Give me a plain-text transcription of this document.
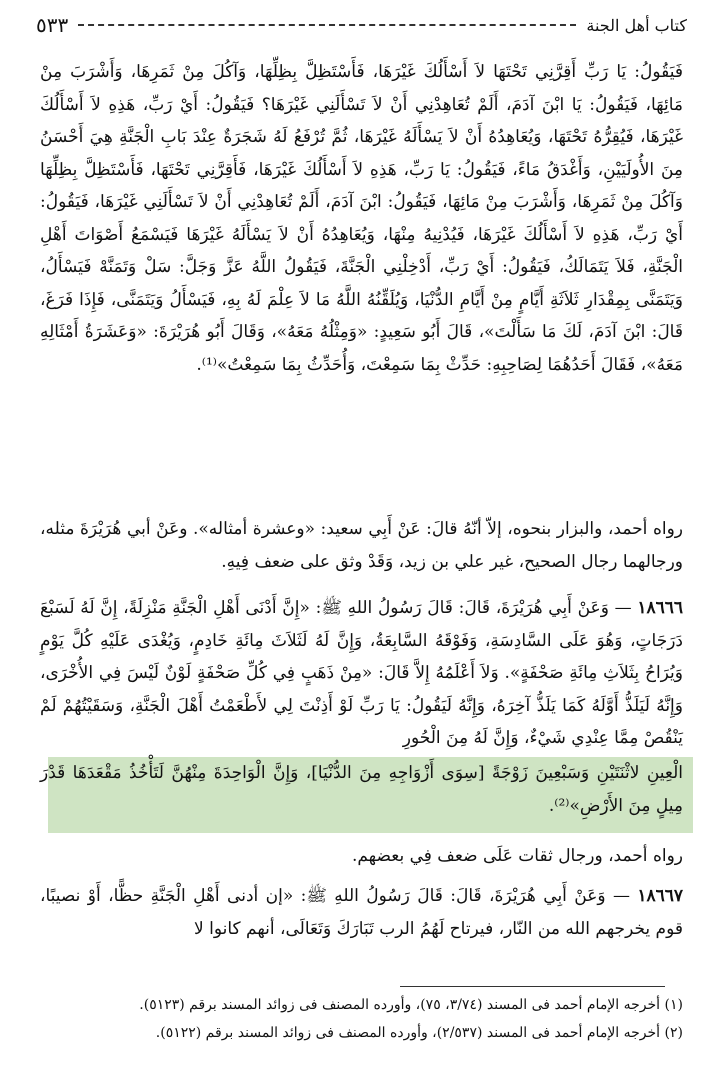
كتاب أهل الجنة
٥٣٣
فَيَقُولُ: يَا رَبِّ أَقِرَّنِي تَحْتَهَا لاَ أَسْأَلُكَ غَيْرَهَا، فَأَسْتَظِلَّ بِظِلِّهَا، وَآكُلَ مِنْ ثَمَرِهَا، وَأَشْرَبَ مِنْ مَائِهَا، فَيَقُولُ: يَا ابْنَ آدَمَ، أَلَمْ تُعَاهِدْنِي أَنْ لاَ تَسْأَلَنِي غَيْرَهَا؟ فَيَقُولُ: أَيْ رَبِّ، هَذِهِ لاَ أَسْأَلُكَ غَيْرَهَا، فَيُقِرُّهُ تَحْتَهَا، وَيُعَاهِدُهُ أَنْ لاَ يَسْأَلَهُ غَيْرَهَا، ثُمَّ تُرْفَعُ لَهُ شَجَرَةٌ عِنْدَ بَابِ الْجَنَّةِ هِيَ أَحْسَنُ مِنَ الأُولَيَيْنِ، وَأَغْدَقُ مَاءً، فَيَقُولُ: يَا رَبِّ، هَذِهِ لاَ أَسْأَلُكَ غَيْرَهَا، فَأَقِرَّنِي تَحْتَهَا، فَأَسْتَظِلَّ بِظِلِّهَا وَآكُلَ مِنْ ثَمَرِهَا، وَأَشْرَبَ مِنْ مَائِهَا، فَيَقُولُ: ابْنَ آدَمَ، أَلَمْ تُعَاهِدْنِي أَنْ لاَ تَسْأَلَنِي غَيْرَهَا، فَيَقُولُ: أَيْ رَبِّ، هَذِهِ لاَ أَسْأَلُكَ غَيْرَهَا، فَيُدْنِيهُ مِنْهَا، وَيُعَاهِدُهُ أَنْ لاَ يَسْأَلَهُ غَيْرَهَا فَيَسْمَعُ أَصْوَاتَ أَهْلِ الْجَنَّةِ، فَلاَ يَتَمَالَكُ، فَيَقُولُ: أَيْ رَبِّ، أَدْخِلْنِي الْجَنَّةَ، فَيَقُولُ اللَّهُ عَزَّ وَجَلَّ: سَلْ وَتَمَنَّهْ فَيَسْأَلُ، وَيَتَمَنَّى بِمِقْدَارِ ثَلاَثَةِ أَيَّامٍ مِنْ أَيَّامِ الدُّنْيَا، وَيُلَقِّنُهُ اللَّهُ مَا لاَ عِلْمَ لَهُ بِهِ، فَيَسْأَلُ وَيَتَمَنَّى، فَإِذَا فَرَغَ، قَالَ: ابْنَ آدَمَ، لَكَ مَا سَأَلْتَ»، قَالَ أَبُو سَعِيدٍ: «وَمِثْلُهُ مَعَهُ»، وَقَالَ أَبُو هُرَيْرَةَ: «وَعَشَرَةُ أَمْثَالِهِ مَعَهُ»، فَقَالَ أَحَدُهُمَا لِصَاحِبِهِ: حَدِّثْ بِمَا سَمِعْتَ، وَأُحَدِّثُ بِمَا سَمِعْتُ»⁽¹⁾.
رواه أحمد، والبزار بنحوه، إلاّ أنّهُ قالَ: عَنْ أَبِي سعيد: «وعشرة أمثاله». وعَنْ أبي هُرَيْرَةَ مثله، ورجالهما رجال الصحيح، غير علي بن زيد، وَقَدْ وثق على ضعف فِيهِ.
١٨٦٦٦ — وَعَنْ أَبِي هُرَيْرَةَ، قَالَ: قَالَ رَسُولُ اللهِ ﷺ: «إِنَّ أَدْنَى أَهْلِ الْجَنَّةِ مَنْزِلَةً، إِنَّ لَهُ لَسَبْعَ دَرَجَاتٍ، وَهُوَ عَلَى السَّادِسَةِ، وَفَوْقَهُ السَّابِعَةُ، وَإِنَّ لَهُ لَثَلاَثَ مِائَةِ خَادِمٍ، وَيُغْدَى عَلَيْهِ كُلَّ يَوْمٍ وَيُرَاحُ بِثَلاَثِ مِائَةِ صَحْفَةٍ». وَلاَ أَعْلَمُهُ إِلاَّ قَالَ: «مِنْ ذَهَبٍ فِي كُلِّ صَحْفَةٍ لَوْنٌ لَيْسَ فِي الأُخْرَى، وَإِنَّهُ لَيَلَذُّ أَوَّلَهُ كَمَا يَلَذُّ آخِرَهُ، وَإِنَّهُ لَيَقُولُ: يَا رَبِّ لَوْ أَذِنْتَ لِي لأَطْعَمْتُ أَهْلَ الْجَنَّةِ، وَسَقَيْتُهُمْ لَمْ يَنْقُصْ مِمَّا عِنْدِي شَيْءٌ، وَإِنَّ لَهُ مِنَ الْحُورِ
الْعِينِ لاثْنَتَيْنِ وَسَبْعِينَ زَوْجَةً [سِوَى أَزْوَاجِهِ مِنَ الدُّنْيَا]، وَإِنَّ الْوَاحِدَةَ مِنْهُنَّ لَتَأْخُذُ مَقْعَدَهَا قَدْرَ مِيلٍ مِنَ الأَرْضِ»⁽²⁾.
رواه أحمد، ورجال ثقات عَلَى ضعف فِي بعضهم.
١٨٦٦٧ — وَعَنْ أَبِي هُرَيْرَةَ، قَالَ: قَالَ رَسُولُ اللهِ ﷺ: «إن أدنى أَهْلِ الْجَنَّةِ حظًّا، أَوْ نصيبًا، قوم يخرجهم الله من النّار، فيرتاح لَهُمُ الرب تَبَارَكَ وَتَعَالَى، أنهم كانوا لا
(١) أخرجه الإمام أحمد فى المسند (٣/٧٤، ٧٥)، وأورده المصنف فى زوائد المسند برقم (٥١٢٣).
(٢) أخرجه الإمام أحمد فى المسند (٢/٥٣٧)، وأورده المصنف فى زوائد المسند برقم (٥١٢٢).
